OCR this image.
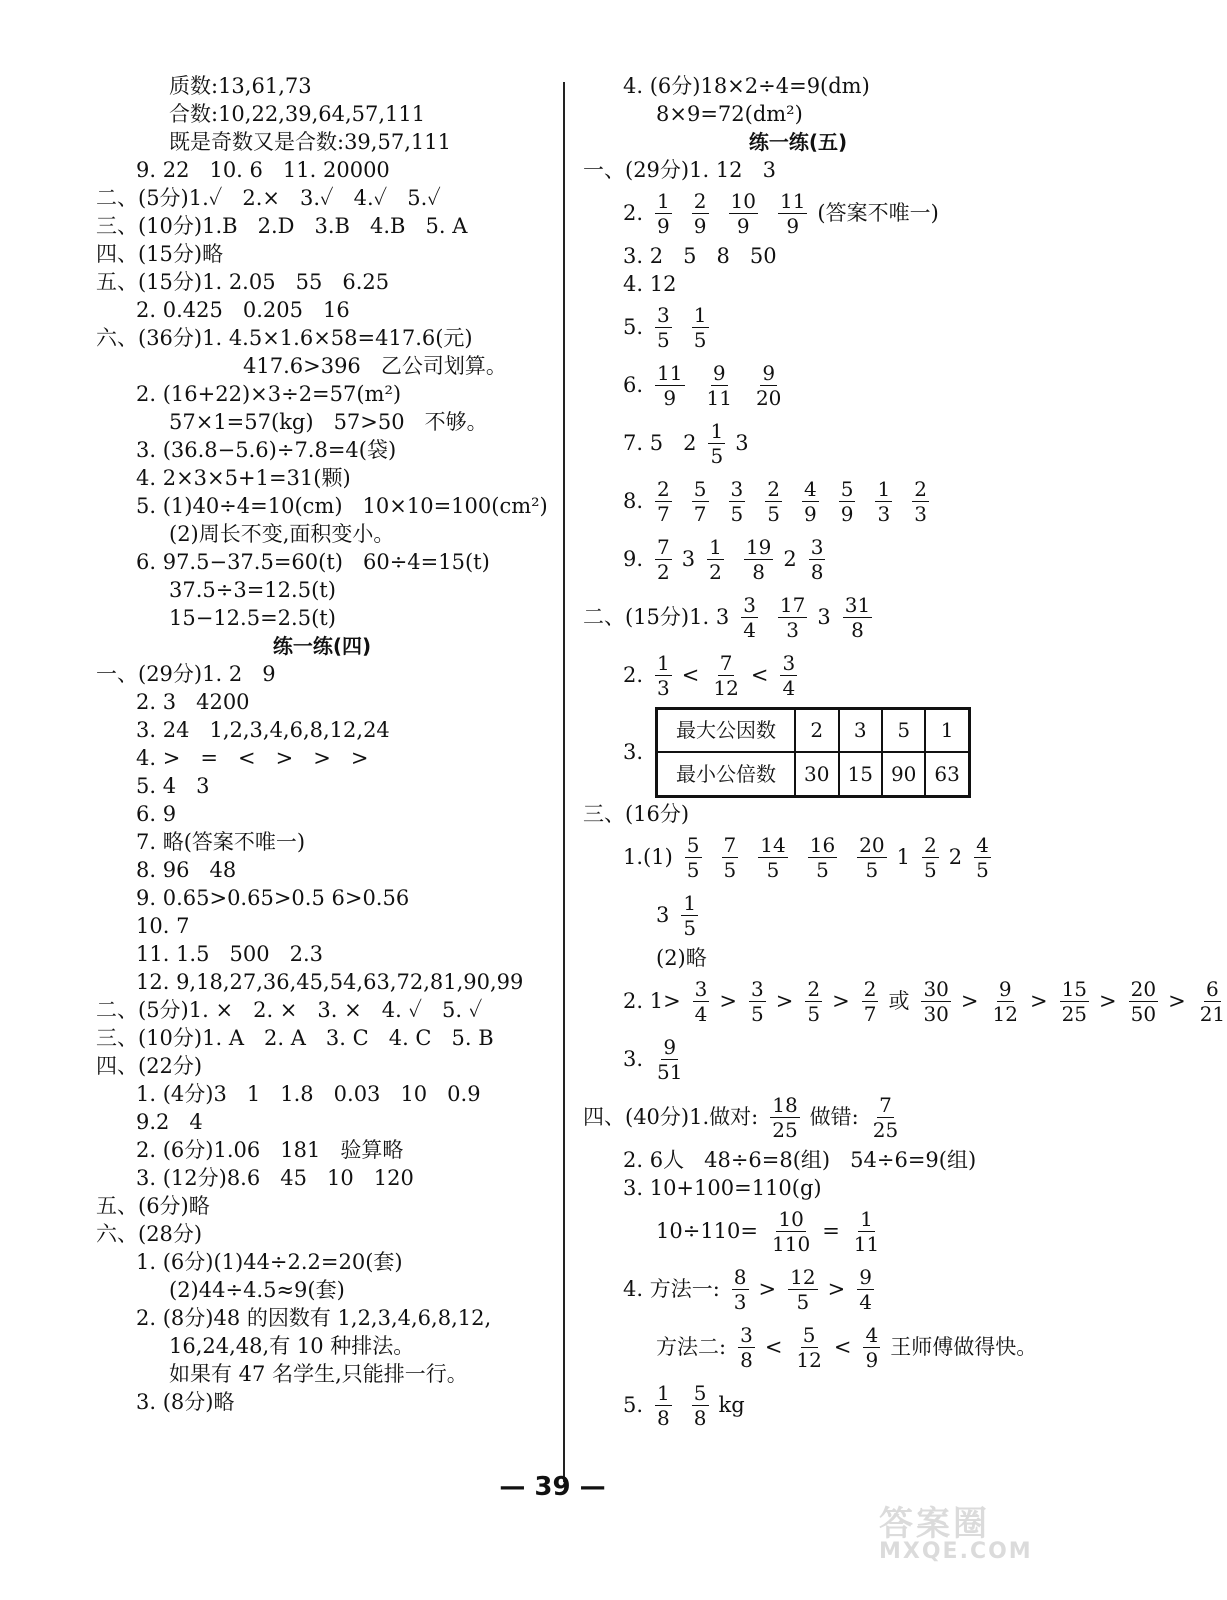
质数:13,61,73
合数:10,22,39,64,57,111
既是奇数又是合数:39,57,111
9. 22   10. 6   11. 20000
二、(5分)1.✓   2.×   3.✓   4.✓   5.✓
三、(10分)1.B   2.D   3.B   4.B   5. A
四、(15分)略
五、(15分)1. 2.05   55   6.25
2. 0.425   0.205   16
六、(36分)1. 4.5×1.6×58=417.6(元)
417.6>396   乙公司划算。
2. (16+22)×3÷2=57(m²)
57×1=57(kg)   57>50   不够。
3. (36.8−5.6)÷7.8=4(袋)
4. 2×3×5+1=31(颗)
5. (1)40÷4=10(cm)   10×10=100(cm²)
(2)周长不变,面积变小。
6. 97.5−37.5=60(t)   60÷4=15(t)
37.5÷3=12.5(t)
15−12.5=2.5(t)
练一练(四)
一、(29分)1. 2   9
2. 3   4200
3. 24   1,2,3,4,6,8,12,24
4. >   =   <   >   >   >
5. 4   3
6. 9
7. 略(答案不唯一)
8. 96   48
9. 0.65>0.65>0.5 6>0.56
10. 7
11. 1.5   500   2.3
12. 9,18,27,36,45,54,63,72,81,90,99
二、(5分)1. ×   2. ×   3. ×   4. ✓   5. ✓
三、(10分)1. A   2. A   3. C   4. C   5. B
四、(22分)
1. (4分)3   1   1.8   0.03   10   0.9
9.2   4
2. (6分)1.06   181   验算略
3. (12分)8.6   45   10   120
五、(6分)略
六、(28分)
1. (6分)(1)44÷2.2=20(套)
(2)44÷4.5≈9(套)
2. (8分)48 的因数有 1,2,3,4,6,8,12,
16,24,48,有 10 种排法。
如果有 47 名学生,只能排一行。
3. (8分)略
4. (6分)18×2÷4=9(dm)
8×9=72(dm²)
练一练(五)
一、(29分)1. 12   3
2. $\frac{1}{9} \frac{2}{9} \frac{10}{9} \frac{11}{9}$ (答案不唯一)
3. 2   5   8   50
4. 12
5. $\frac{3}{5} \frac{1}{5}$
6. $\frac{11}{9} \frac{9}{11} \frac{9}{20}$
7. 5   $2 \frac{1}{5} 3$
8. $\frac{2}{7} \frac{5}{7} \frac{3}{5} \frac{2}{5} \frac{4}{9} \frac{5}{9} \frac{1}{3} \frac{2}{3}$
9. $\frac{7}{2} 3 \frac{1}{2} \frac{19}{8} 2 \frac{3}{8}$
二、(15分)1. $3 \frac{3}{4} \frac{17}{3} 3 \frac{31}{8}$
2. $\frac{1}{3} < \frac{7}{12} < \frac{3}{4}$
3.
最大公因数	2	3	5	1
最小公倍数	30	15	90	63
三、(16分)
$1.(1) \frac{5}{5} \frac{7}{5} \frac{14}{5} \frac{16}{5} \frac{20}{5} 1 \frac{2}{5} 2 \frac{4}{5}$
$3 \frac{1}{5}$
(2)略
2. $1> \frac{3}{4} > \frac{3}{5} > \frac{2}{5} > \frac{2}{7}$ 或 $\frac{30}{30} > \frac{9}{12} > \frac{15}{25} > \frac{20}{50} > \frac{6}{21}$
3. $\frac{9}{51}$
四、(40分)1.做对: $\frac{18}{25}$ 做错: $\frac{7}{25}$
2. 6人   48÷6=8(组)   54÷6=9(组)
3. 10+100=110(g)
$10\div 110= \frac{10}{110} = \frac{1}{11}$
4. 方法一: $\frac{8}{3} > \frac{12}{5} > \frac{9}{4}$
方法二: $\frac{3}{8} < \frac{5}{12} < \frac{4}{9}$ 王师傅做得快。
5. $\frac{1}{8} \frac{5}{8}$ kg
— 39 —
答案圈
MXQE.COM
